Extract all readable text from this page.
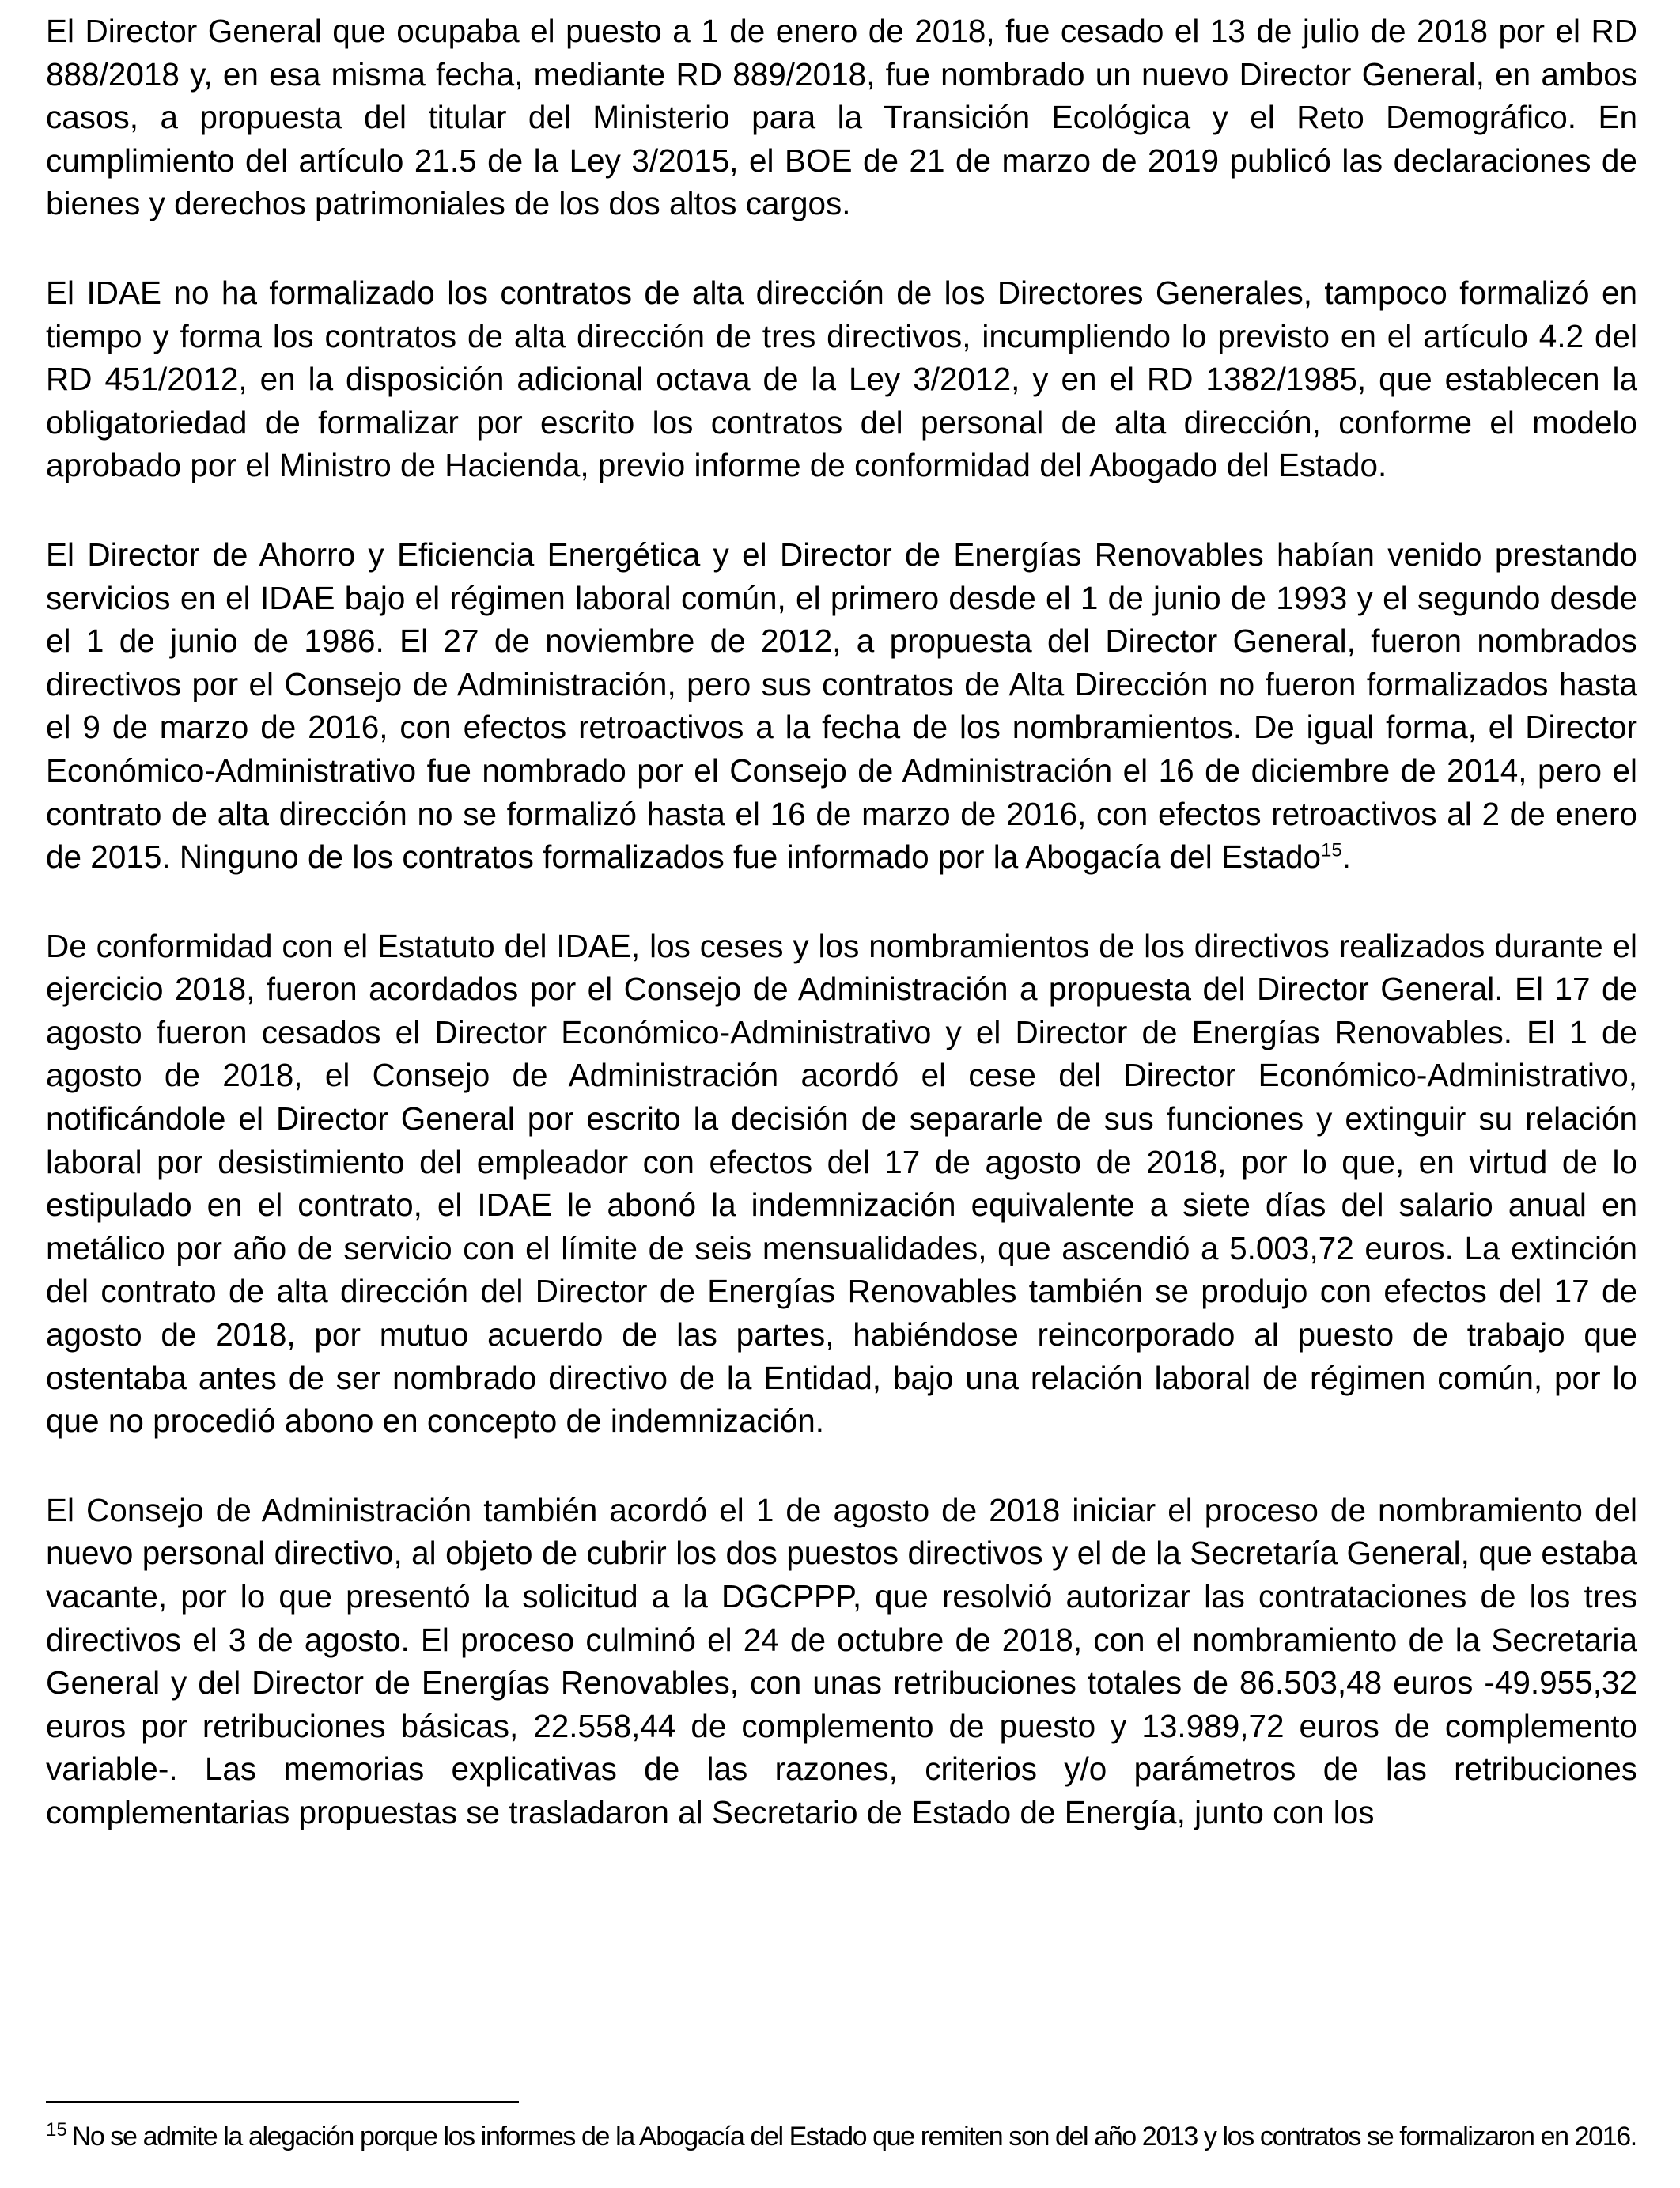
El Director General que ocupaba el puesto a 1 de enero de 2018, fue cesado el 13 de julio de 2018 por el RD 888/2018 y, en esa misma fecha, mediante RD 889/2018, fue nombrado un nuevo Director General, en ambos casos, a propuesta del titular del Ministerio para la Transición Ecológica y el Reto Demográfico. En cumplimiento del artículo 21.5 de la Ley 3/2015, el BOE de 21 de marzo de 2019 publicó las declaraciones de bienes y derechos patrimoniales de los dos altos cargos.

El IDAE no ha formalizado los contratos de alta dirección de los Directores Generales, tampoco formalizó en tiempo y forma los contratos de alta dirección de tres directivos, incumpliendo lo previsto en el artículo 4.2 del RD 451/2012, en la disposición adicional octava de la Ley 3/2012, y en el RD 1382/1985, que establecen la obligatoriedad de formalizar por escrito los contratos del personal de alta dirección, conforme el modelo aprobado por el Ministro de Hacienda, previo informe de conformidad del Abogado del Estado.

El Director de Ahorro y Eficiencia Energética y el Director de Energías Renovables habían venido prestando servicios en el IDAE bajo el régimen laboral común, el primero desde el 1 de junio de 1993 y el segundo desde el 1 de junio de 1986. El 27 de noviembre de 2012, a propuesta del Director General, fueron nombrados directivos por el Consejo de Administración, pero sus contratos de Alta Dirección no fueron formalizados hasta el 9 de marzo de 2016, con efectos retroactivos a la fecha de los nombramientos. De igual forma, el Director Económico-Administrativo fue nombrado por el Consejo de Administración el 16 de diciembre de 2014, pero el contrato de alta dirección no se formalizó hasta el 16 de marzo de 2016, con efectos retroactivos al 2 de enero de 2015. Ninguno de los contratos formalizados fue informado por la Abogacía del Estado$^{15}$.

De conformidad con el Estatuto del IDAE, los ceses y los nombramientos de los directivos realizados durante el ejercicio 2018, fueron acordados por el Consejo de Administración a propuesta del Director General. El 17 de agosto fueron cesados el Director Económico-Administrativo y el Director de Energías Renovables. El 1 de agosto de 2018, el Consejo de Administración acordó el cese del Director Económico-Administrativo, notificándole el Director General por escrito la decisión de separarle de sus funciones y extinguir su relación laboral por desistimiento del empleador con efectos del 17 de agosto de 2018, por lo que, en virtud de lo estipulado en el contrato, el IDAE le abonó la indemnización equivalente a siete días del salario anual en metálico por año de servicio con el límite de seis mensualidades, que ascendió a 5.003,72 euros. La extinción del contrato de alta dirección del Director de Energías Renovables también se produjo con efectos del 17 de agosto de 2018, por mutuo acuerdo de las partes, habiéndose reincorporado al puesto de trabajo que ostentaba antes de ser nombrado directivo de la Entidad, bajo una relación laboral de régimen común, por lo que no procedió abono en concepto de indemnización.

El Consejo de Administración también acordó el 1 de agosto de 2018 iniciar el proceso de nombramiento del nuevo personal directivo, al objeto de cubrir los dos puestos directivos y el de la Secretaría General, que estaba vacante, por lo que presentó la solicitud a la DGCPPP, que resolvió autorizar las contrataciones de los tres directivos el 3 de agosto. El proceso culminó el 24 de octubre de 2018, con el nombramiento de la Secretaria General y del Director de Energías Renovables, con unas retribuciones totales de 86.503,48 euros -49.955,32 euros por retribuciones básicas, 22.558,44 de complemento de puesto y 13.989,72 euros de complemento variable-. Las memorias explicativas de las razones, criterios y/o parámetros de las retribuciones complementarias propuestas se trasladaron al Secretario de Estado de Energía, junto con los

$^{15}$ No se admite la alegación porque los informes de la Abogacía del Estado que remiten son del año 2013 y los contratos se formalizaron en 2016.
